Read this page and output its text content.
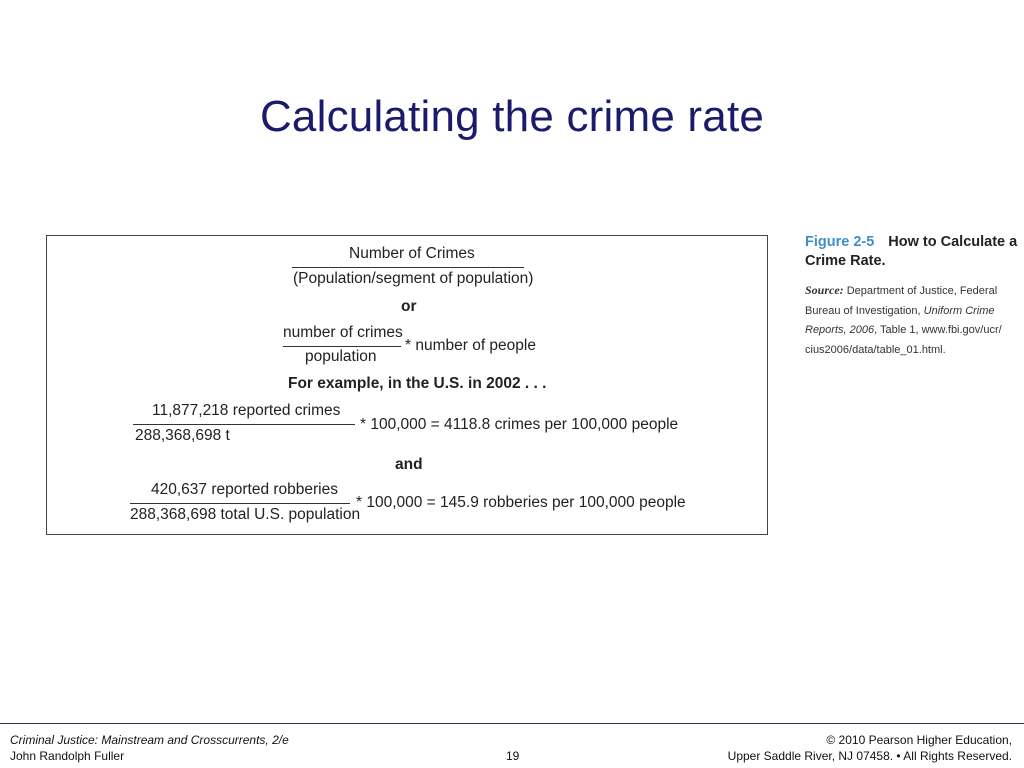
Calculating the crime rate
Number of Crimes
(Population/segment of population)
or
number of crimes
population
* number of people
For example, in the U.S. in 2002 . . .
11,877,218 reported crimes
288,368,698 t
* 100,000 = 4118.8 crimes per 100,000 people
and
420,637 reported robberies
288,368,698 total U.S. population
* 100,000 = 145.9 robberies per 100,000 people
Figure 2-5 How to Calculate a
Crime Rate.
Source: Department of Justice, Federal
Bureau of Investigation, Uniform Crime
Reports, 2006, Table 1, www.fbi.gov/ucr/
cius2006/data/table_01.html.
Criminal Justice: Mainstream and Crosscurrents, 2/e
John Randolph Fuller	19
© 2010 Pearson Higher Education,
Upper Saddle River, NJ 07458. • All Rights Reserved.
